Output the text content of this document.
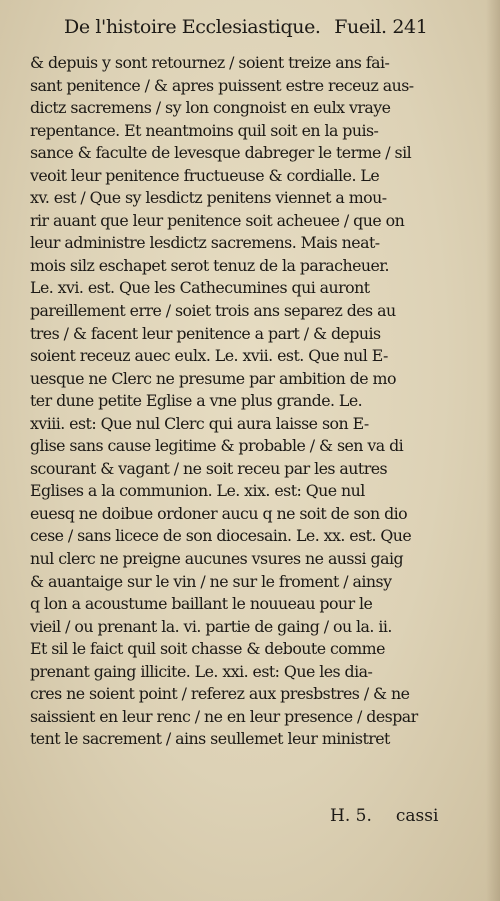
De l'histoire Ecclesiastique. Fueil. 241
& depuis y sont retournez / soient treize ans fai-
sant penitence / & apres puissent estre receuz aus-
dictz sacremens / sy lon congnoist en eulx vraye
repentance. Et neantmoins quil soit en la puis-
sance & faculte de levesque dabreger le terme / sil
veoit leur penitence fructueuse & cordialle. Le
xv. est / Que sy lesdictz penitens viennet a mou-
rir auant que leur penitence soit acheuee / que on
leur administre lesdictz sacremens. Mais neat-
mois silz eschapet serot tenuz de la paracheuer.
Le. xvi. est. Que les Cathecumines qui auront
pareillement erre / soiet trois ans separez des au
tres / & facent leur penitence a part / & depuis
soient receuz auec eulx. Le. xvii. est. Que nul E-
uesque ne Clerc ne presume par ambition de mo
ter dune petite Eglise a vne plus grande. Le.
xviii. est: Que nul Clerc qui aura laisse son E-
glise sans cause legitime & probable / & sen va di
scourant & vagant / ne soit receu par les autres
Eglises a la communion. Le. xix. est: Que nul
euesq ne doibue ordoner aucu q ne soit de son dio
cese / sans licece de son diocesain. Le. xx. est. Que
nul clerc ne preigne aucunes vsures ne aussi gaig
& auantaige sur le vin / ne sur le froment / ainsy
q lon a acoustume baillant le nouueau pour le
vieil / ou prenant la. vi. partie de gaing / ou la. ii.
Et sil le faict quil soit chasse & deboute comme
prenant gaing illicite. Le. xxi. est: Que les dia-
cres ne soient point / referez aux presbstres / & ne
saissient en leur renc / ne en leur presence / despar
tent le sacrement / ains seullemet leur ministret
H. 5. cassi
